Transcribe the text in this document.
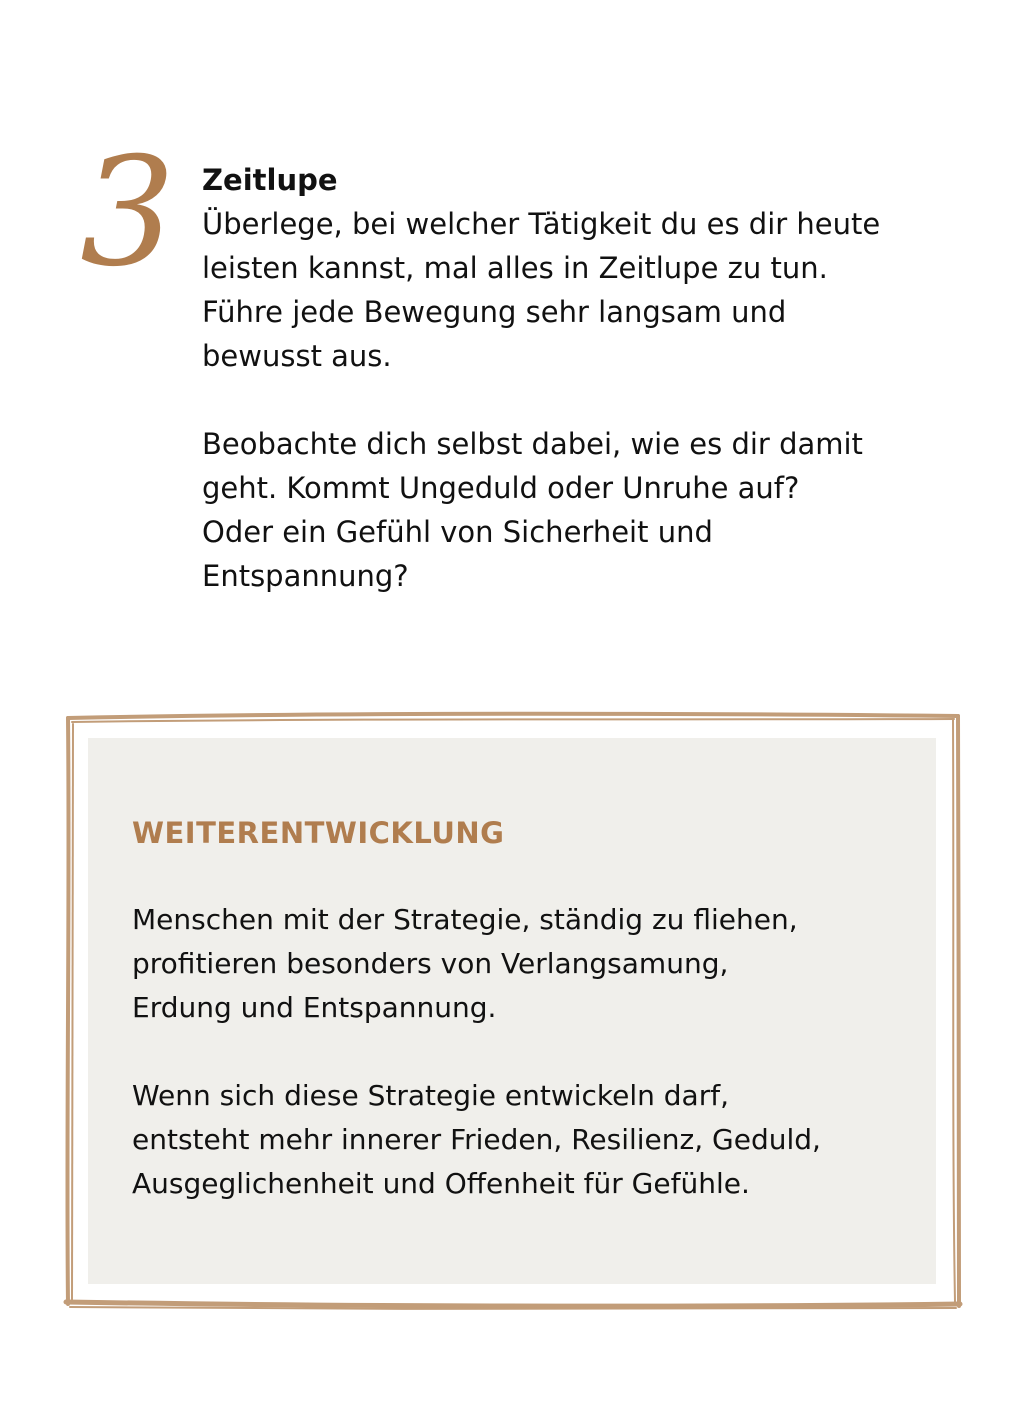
3 Zeitlupe

Überlege, bei welcher Tätigkeit du es dir heute
leisten kannst, mal alles in Zeitlupe zu tun.
Führe jede Bewegung sehr langsam und
bewusst aus.

Beobachte dich selbst dabei, wie es dir damit
geht. Kommt Ungeduld oder Unruhe auf?
Oder ein Gefühl von Sicherheit und
Entspannung?

WEITERENTWICKLUNG

Menschen mit der Strategie, ständig zu fliehen,
profitieren besonders von Verlangsamung,
Erdung und Entspannung.

Wenn sich diese Strategie entwickeln darf,
entsteht mehr innerer Frieden, Resilienz, Geduld,
Ausgeglichenheit und Offenheit für Gefühle.
